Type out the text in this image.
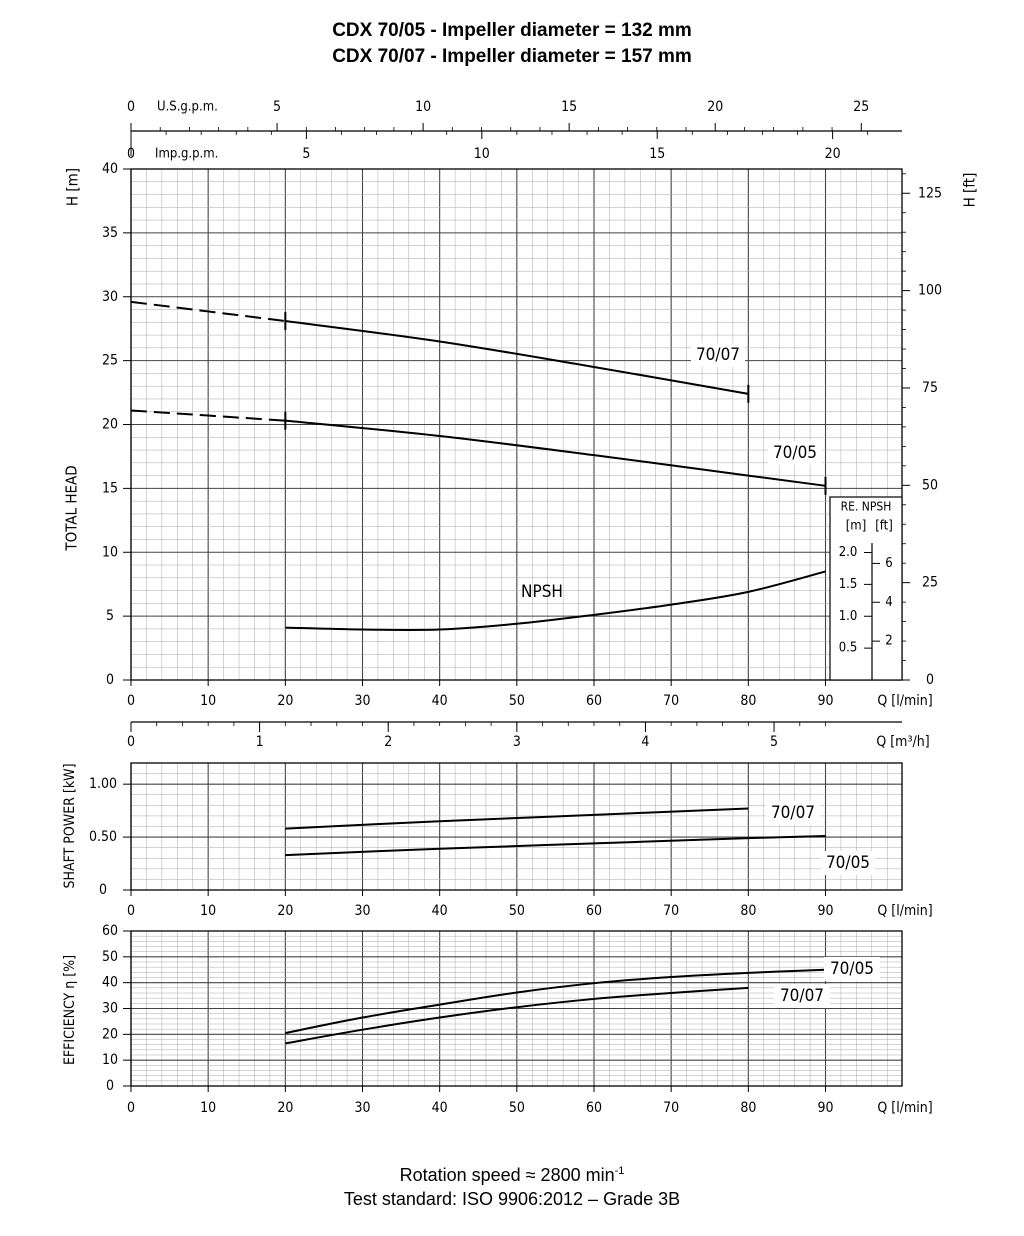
CDX 70/05 - Impeller diameter = 132 mm
CDX 70/07 - Impeller diameter = 157 mm
0	5	10	15	20	25
U.S.g.p.m.
0	5	10	15	20
Imp.g.p.m.
0
5
10
15
20
25
30
35
40
0
25
50
75
100
125
H [m]	H [ft]
TOTAL HEAD
0	10	20	30	40	50	60	70	80	90	Q [l/min]
0	1	2	3	4	5	Q [m³/h]
RE. NPSH
[m] [ft]
2.0
1.5
1.0
0.5
6
4
2
70/07
70/05
NPSH
0
0.50
1.00
0	10	20	30	40	50	60	70	80	90	Q [l/min]
SHAFT POWER [kW]	70/07
70/05
0
10
20
30
40
50
60
0	10	20	30	40	50	60	70	80	90	Q [l/min]
EFFICIENCY η [%]	70/05
70/07
Rotation speed ≈ 2800 $\min^{-1}$
Test standard: ISO 9906:2012 – Grade 3B
